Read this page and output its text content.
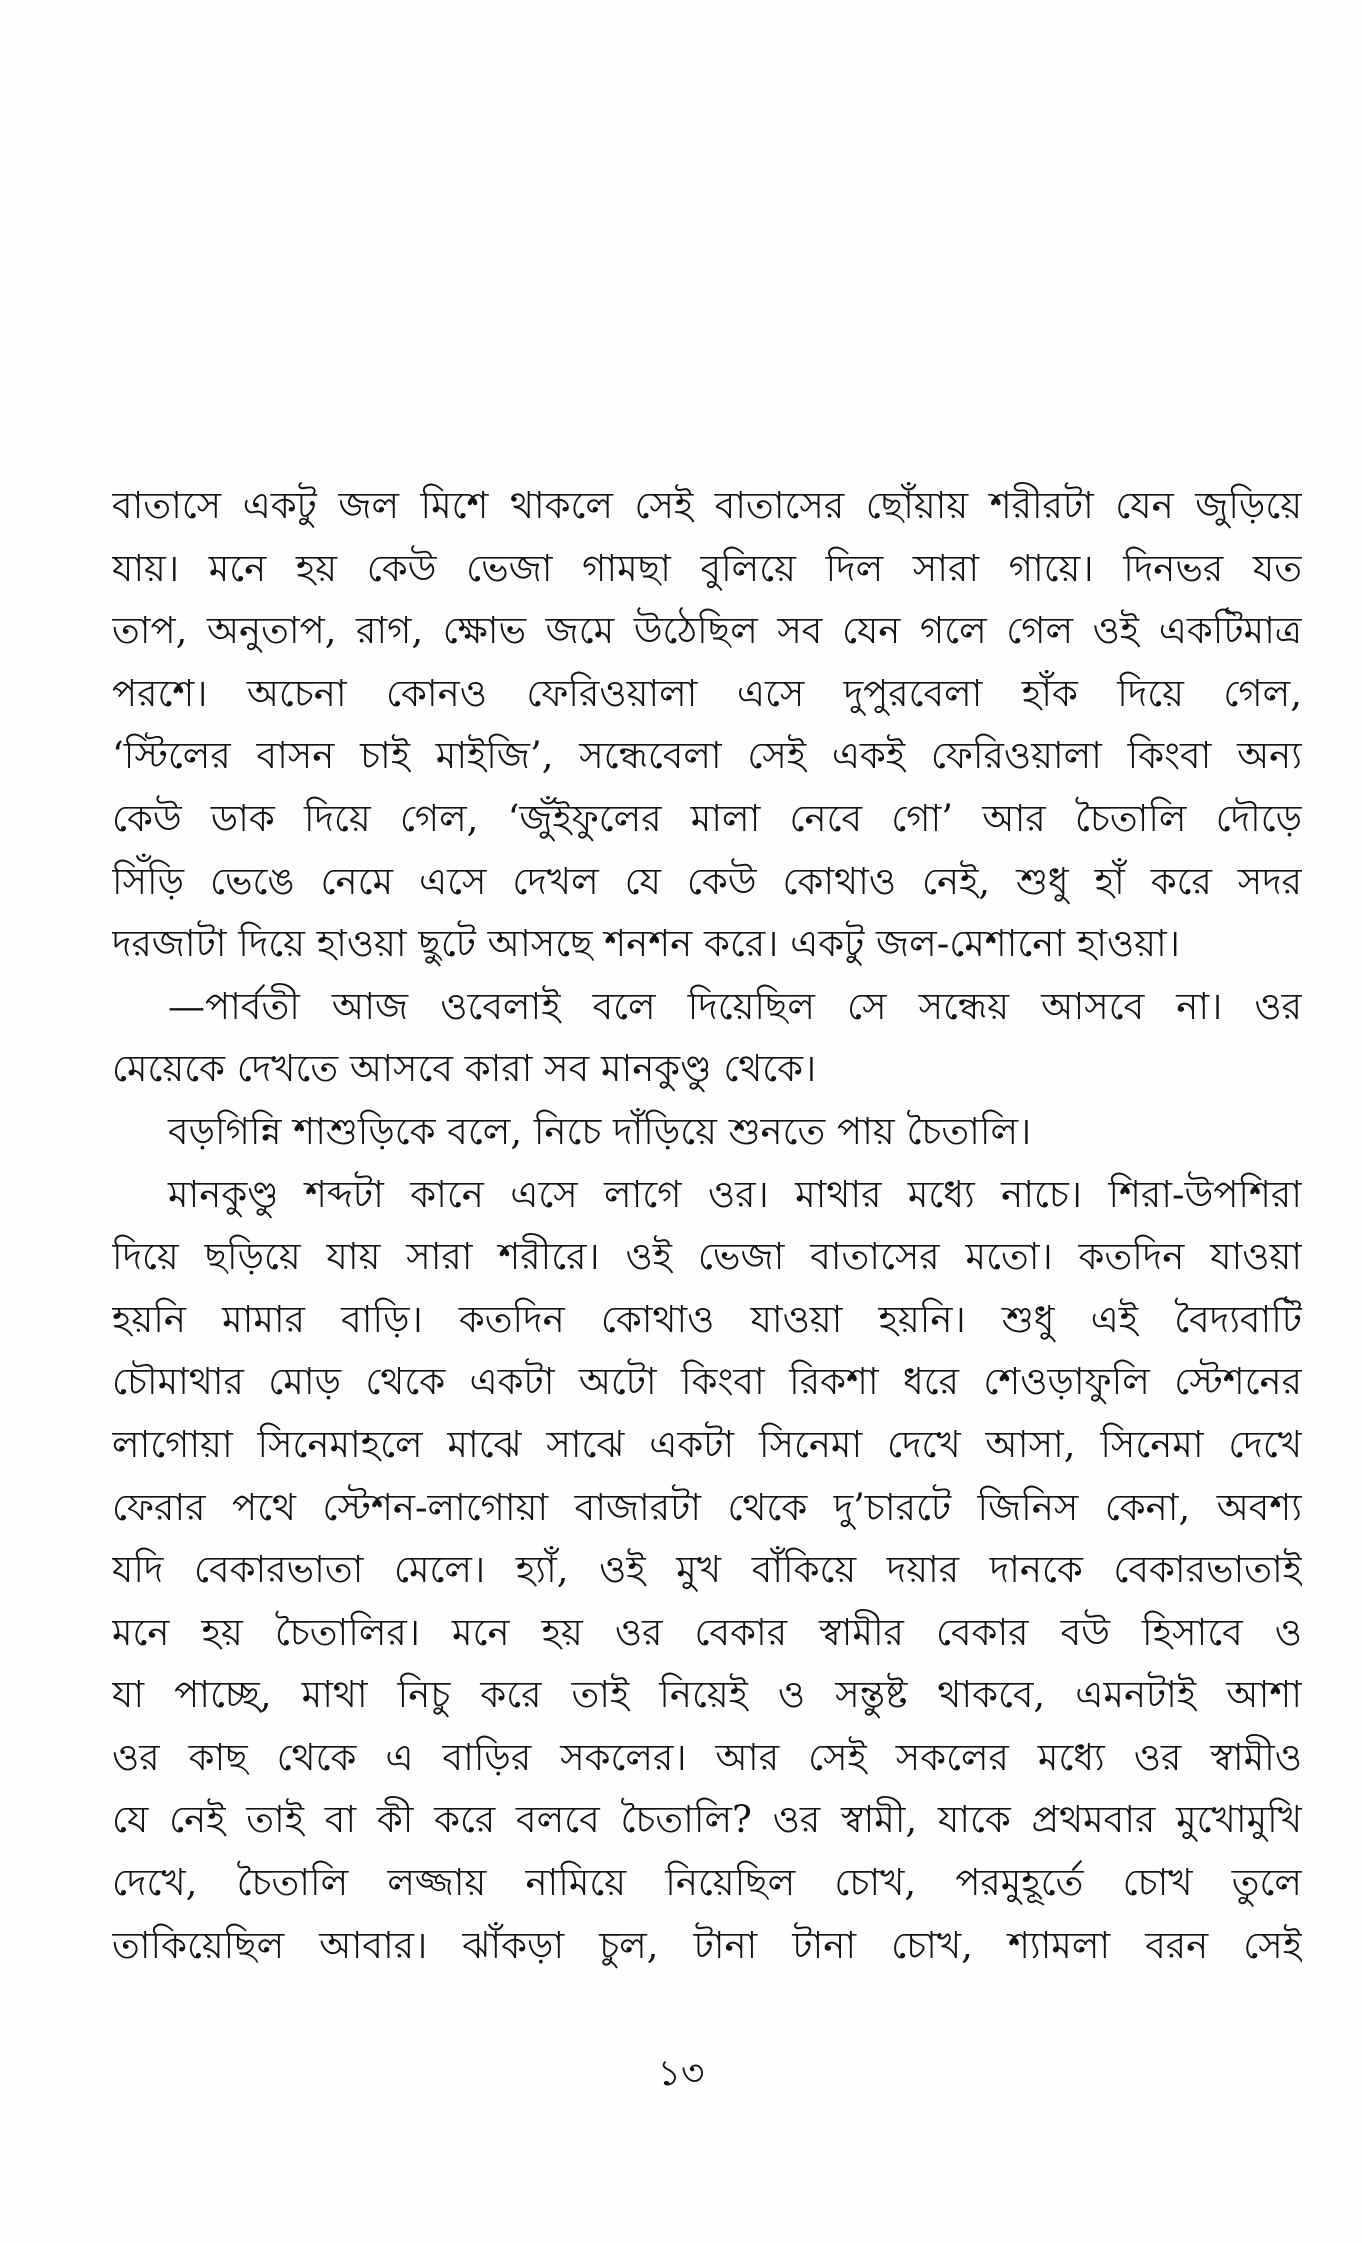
বাতাসে একটু জল মিশে থাকলে সেই বাতাসের ছোঁয়ায় শরীরটা যেন জুড়িয়ে
যায়। মনে হয় কেউ ভেজা গামছা বুলিয়ে দিল সারা গায়ে। দিনভর যত
তাপ, অনুতাপ, রাগ, ক্ষোভ জমে উঠেছিল সব যেন গলে গেল ওই একটিমাত্র
পরশে। অচেনা কোনও ফেরিওয়ালা এসে দুপুরবেলা হাঁক দিয়ে গেল,
‘স্টিলের বাসন চাই মাইজি’, সন্ধেবেলা সেই একই ফেরিওয়ালা কিংবা অন্য
কেউ ডাক দিয়ে গেল, ‘জুঁইফুলের মালা নেবে গো’ আর চৈতালি দৌড়ে
সিঁড়ি ভেঙে নেমে এসে দেখল যে কেউ কোথাও নেই, শুধু হাঁ করে সদর
দরজাটা দিয়ে হাওয়া ছুটে আসছে শনশন করে। একটু জল-মেশানো হাওয়া।
—পার্বতী আজ ওবেলাই বলে দিয়েছিল সে সন্ধেয় আসবে না। ওর
মেয়েকে দেখতে আসবে কারা সব মানকুণ্ডু থেকে।
বড়গিন্নি শাশুড়িকে বলে, নিচে দাঁড়িয়ে শুনতে পায় চৈতালি।
মানকুণ্ডু শব্দটা কানে এসে লাগে ওর। মাথার মধ্যে নাচে। শিরা-উপশিরা
দিয়ে ছড়িয়ে যায় সারা শরীরে। ওই ভেজা বাতাসের মতো। কতদিন যাওয়া
হয়নি মামার বাড়ি। কতদিন কোথাও যাওয়া হয়নি। শুধু এই বৈদ্যবাটি
চৌমাথার মোড় থেকে একটা অটো কিংবা রিকশা ধরে শেওড়াফুলি স্টেশনের
লাগোয়া সিনেমাহলে মাঝে সাঝে একটা সিনেমা দেখে আসা, সিনেমা দেখে
ফেরার পথে স্টেশন-লাগোয়া বাজারটা থেকে দু’চারটে জিনিস কেনা, অবশ্য
যদি বেকারভাতা মেলে। হ্যাঁ, ওই মুখ বাঁকিয়ে দয়ার দানকে বেকারভাতাই
মনে হয় চৈতালির। মনে হয় ওর বেকার স্বামীর বেকার বউ হিসাবে ও
যা পাচ্ছে, মাথা নিচু করে তাই নিয়েই ও সন্তুষ্ট থাকবে, এমনটাই আশা
ওর কাছ থেকে এ বাড়ির সকলের। আর সেই সকলের মধ্যে ওর স্বামীও
যে নেই তাই বা কী করে বলবে চৈতালি? ওর স্বামী, যাকে প্রথমবার মুখোমুখি
দেখে, চৈতালি লজ্জায় নামিয়ে নিয়েছিল চোখ, পরমুহূর্তে চোখ তুলে
তাকিয়েছিল আবার। ঝাঁকড়া চুল, টানা টানা চোখ, শ্যামলা বরন সেই
১৩
